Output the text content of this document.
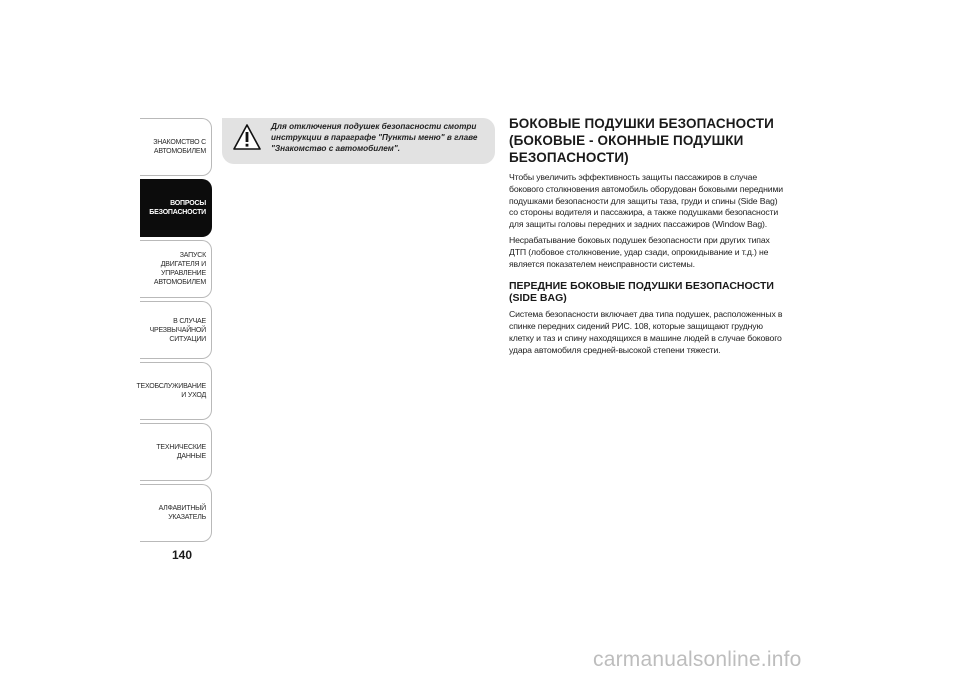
ЗНАКОМСТВО С
АВТОМОБИЛЕМ
ВОПРОСЫ
БЕЗОПАСНОСТИ
ЗАПУСК ДВИГАТЕЛЯ И
УПРАВЛЕНИЕ
АВТОМОБИЛЕМ
В СЛУЧАЕ
ЧРЕЗВЫЧАЙНОЙ
СИТУАЦИИ
ТЕХОБСЛУЖИВАНИЕ
И УХОД
ТЕХНИЧЕСКИЕ
ДАННЫЕ
АЛФАВИТНЫЙ
УКАЗАТЕЛЬ
140
Для отключения подушек безопасности смотри инструкции в параграфе "Пункты меню" в главе "Знакомство с автомобилем".
БОКОВЫЕ ПОДУШКИ БЕЗОПАСНОСТИ (БОКОВЫЕ - ОКОННЫЕ ПОДУШКИ БЕЗОПАСНОСТИ)

Чтобы увеличить эффективность защиты пассажиров в случае бокового столкновения автомобиль оборудован боковыми передними подушками безопасности для защиты таза, груди и спины (Side Bag) со стороны водителя и пассажира, а также подушками безопасности для защиты головы передних и задних пассажиров (Window Bag).

Несрабатывание боковых подушек безопасности при других типах ДТП (лобовое столкновение, удар сзади, опрокидывание и т.д.) не является показателем неисправности системы.

ПЕРЕДНИЕ БОКОВЫЕ ПОДУШКИ БЕЗОПАСНОСТИ (SIDE BAG)

Система безопасности включает два типа подушек, расположенных в спинке передних сидений РИС. 108, которые защищают грудную клетку и таз и спину находящихся в машине людей в случае бокового удара автомобиля средней-высокой степени тяжести.

carmanualsonline.info
